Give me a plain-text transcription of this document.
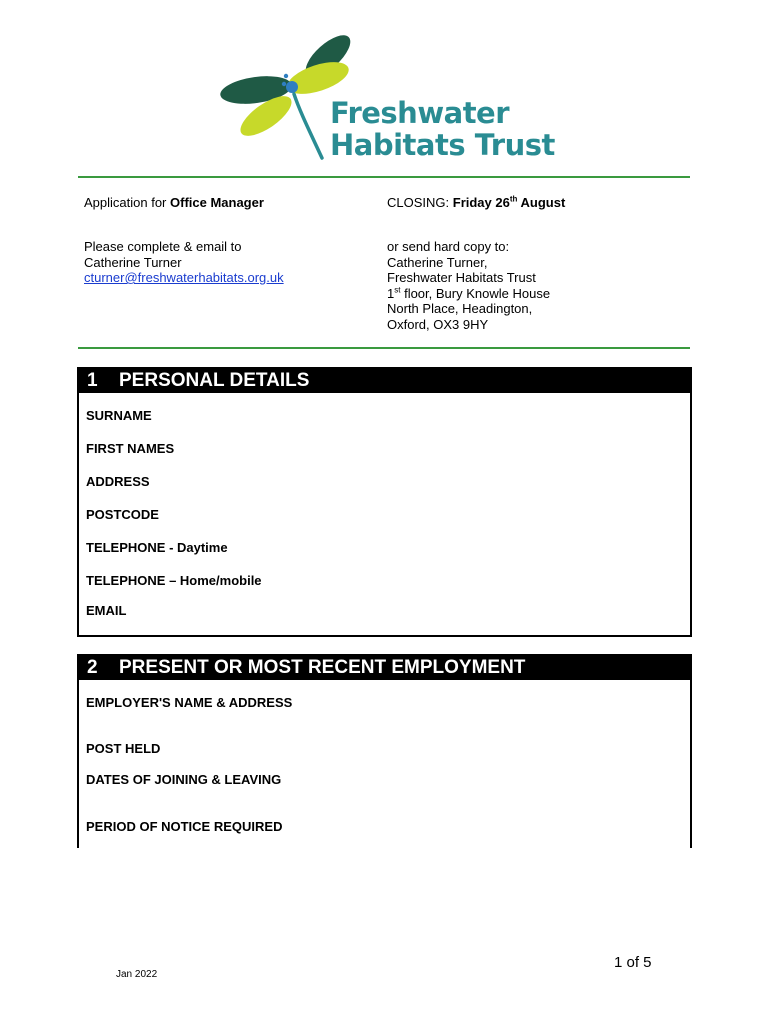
Freshwater
Habitats Trust
Application for Office Manager	CLOSING: Friday 26th August
Please complete & email to
Catherine Turner
cturner@freshwaterhabitats.org.uk
or send hard copy to:
Catherine Turner,
Freshwater Habitats Trust
1st floor, Bury Knowle House
North Place, Headington,
Oxford, OX3 9HY
1 PERSONAL DETAILS
SURNAME
FIRST NAMES
ADDRESS
POSTCODE
TELEPHONE - Daytime
TELEPHONE – Home/mobile
EMAIL
2 PRESENT OR MOST RECENT EMPLOYMENT
EMPLOYER'S NAME & ADDRESS
POST HELD
DATES OF JOINING & LEAVING
PERIOD OF NOTICE REQUIRED
1 of 5
Jan 2022
